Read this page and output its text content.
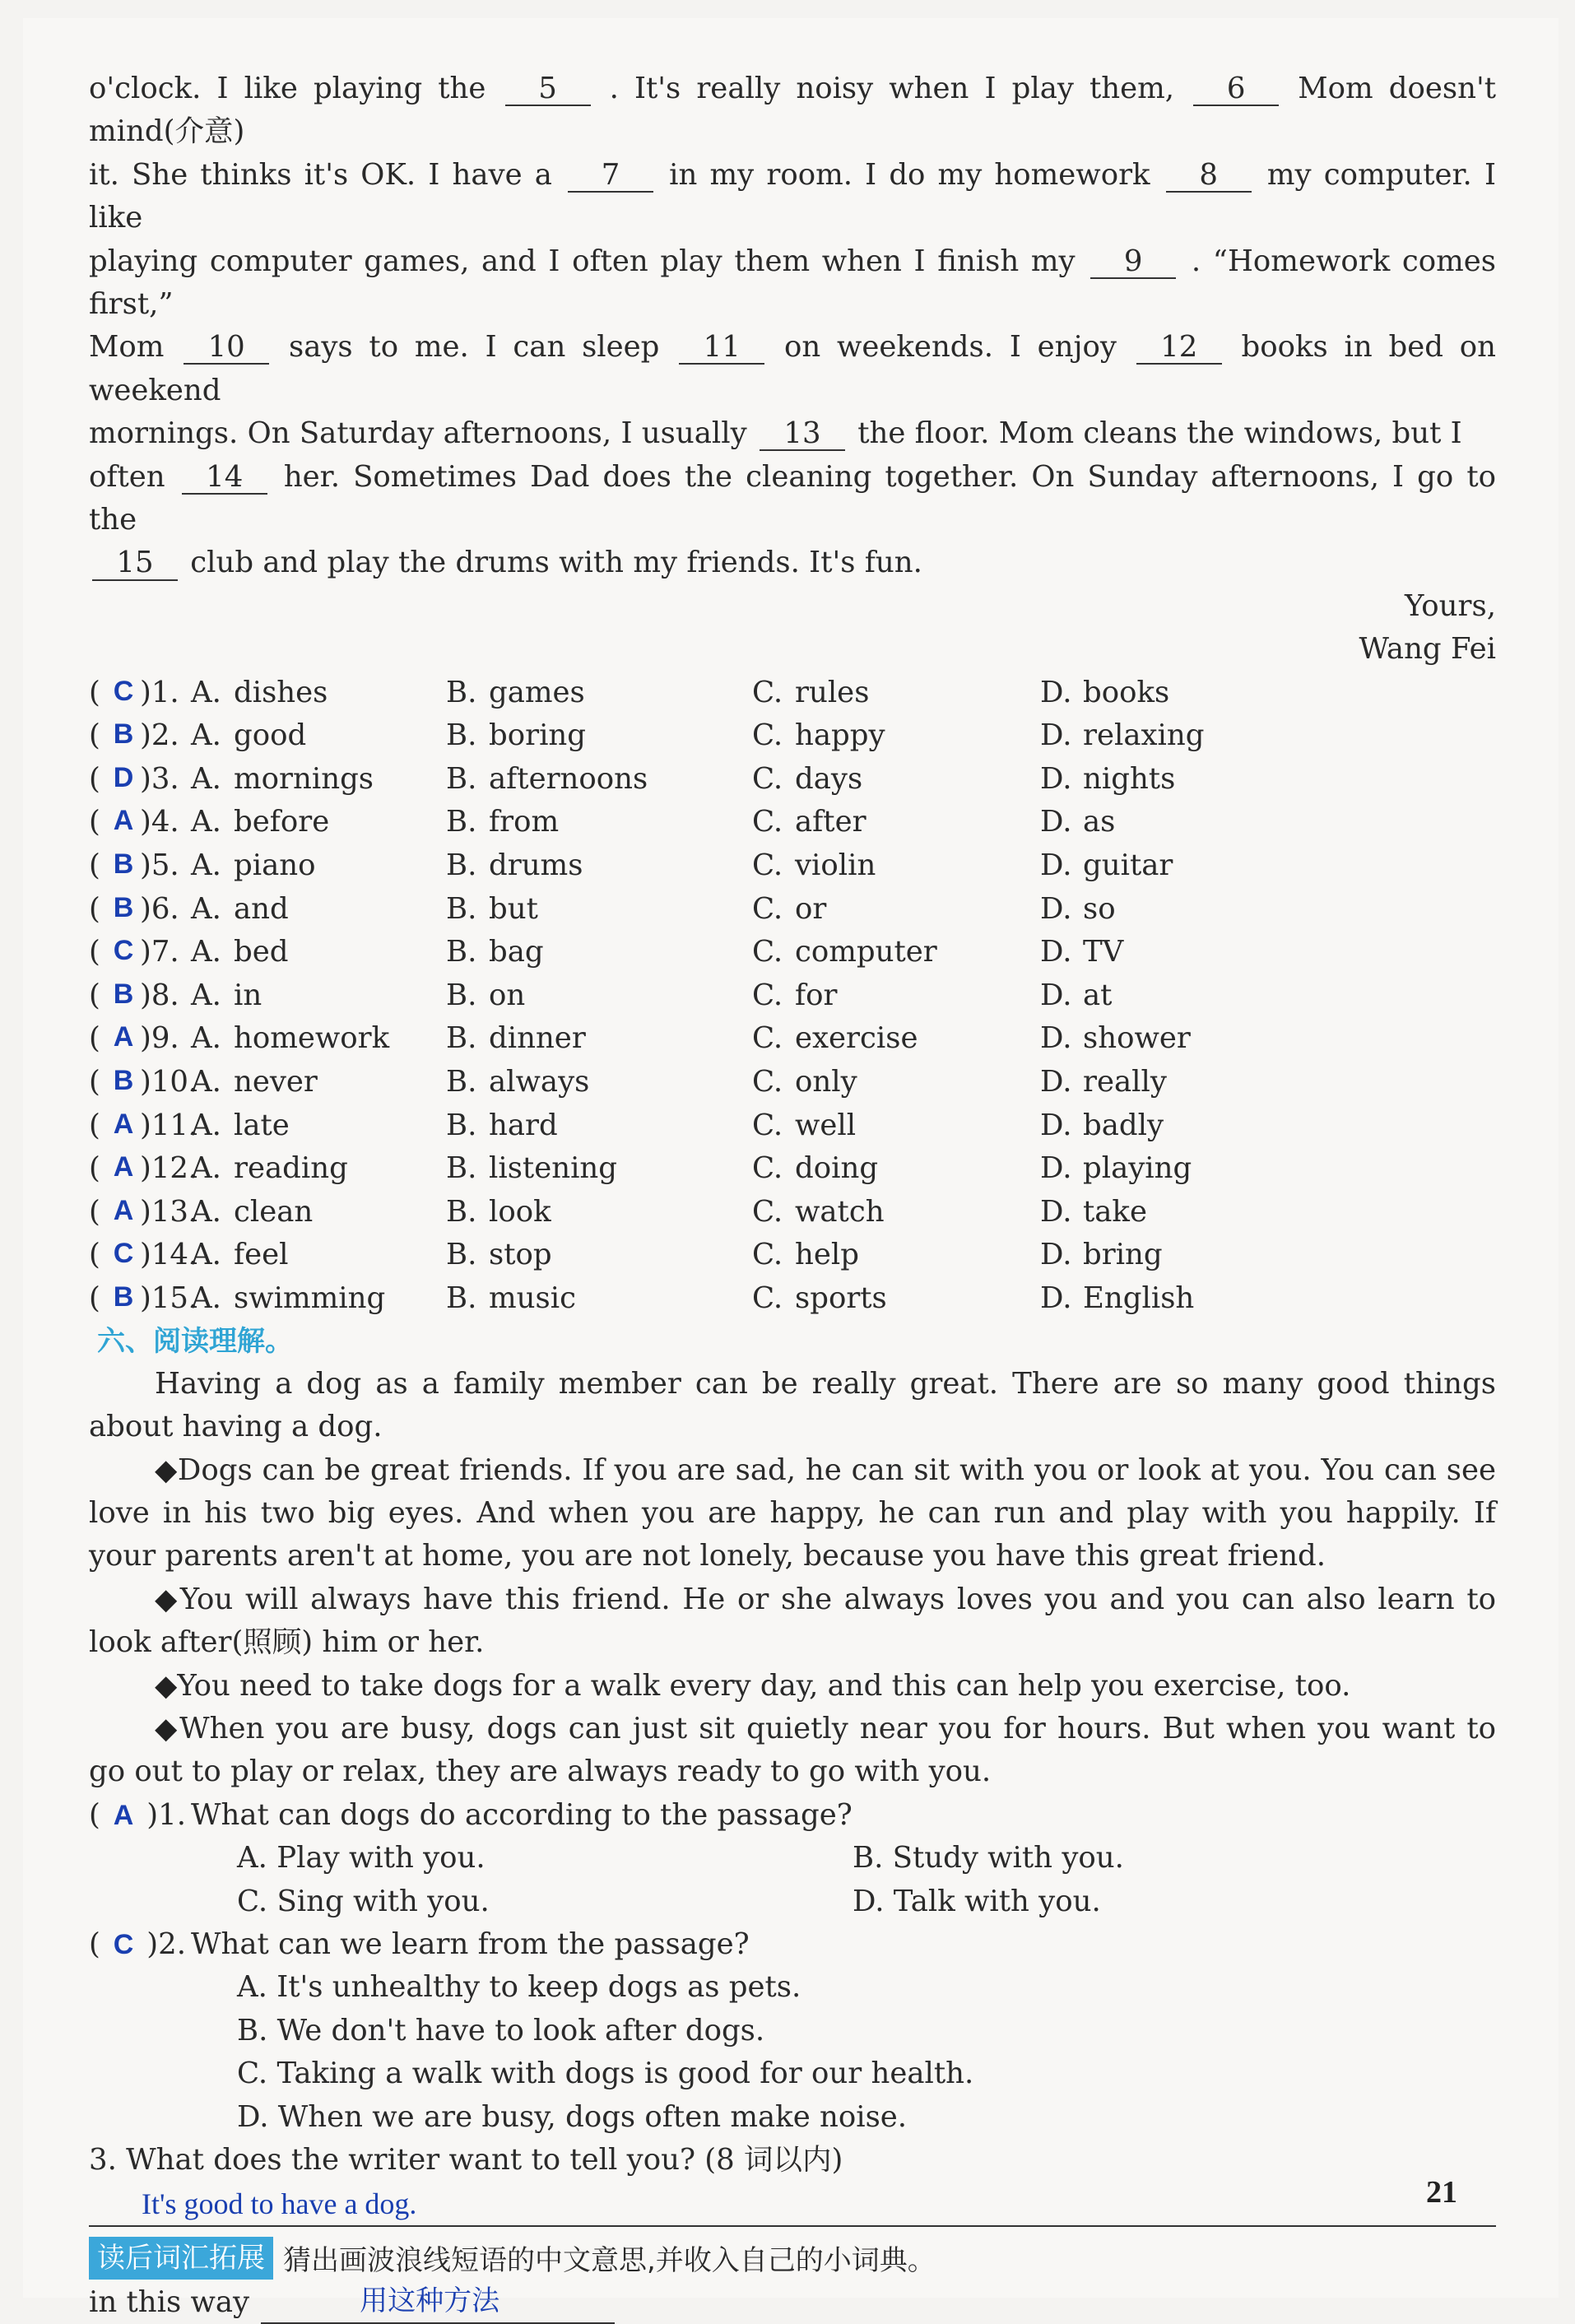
o'clock. I like playing the 5 . It's really noisy when I play them, 6 Mom doesn't mind(介意)

it. She thinks it's OK. I have a 7 in my room. I do my homework 8 my computer. I like

playing computer games, and I often play them when I finish my 9 . “Homework comes first,”

Mom 10 says to me. I can sleep 11 on weekends. I enjoy 12 books in bed on weekend

mornings. On Saturday afternoons, I usually 13 the floor. Mom cleans the windows, but I

often 14 her. Sometimes Dad does the cleaning together. On Sunday afternoons, I go to the

15 club and play the drums with my friends. It's fun.

Yours,

Wang Fei

( C )1. A. dishes	B. games	C. rules	D. books
( B )2. A. good	B. boring	C. happy	D. relaxing
( D )3. A. mornings B. afternoons	C. days	D. nights
( A )4. A. before	B. from	C. after	D. as
( B )5. A. piano	B. drums	C. violin	D. guitar
( B )6. A. and	B. but	C. or	D. so
( C )7. A. bed	B. bag	C. computer	D. TV
( B )8. A. in	B. on	C. for	D. at
( A )9. A. homework B. dinner	C. exercise	D. shower
( B )10.
A. never	B. always	C. only	D. really
( A )11.
A. late	B. hard	C. well	D. badly
( A )12.
A. reading	B. listening	C. doing	D. playing
( A )13.
A. clean	B. look	C. watch	D. take
( C )14.
A. feel	B. stop	C. help	D. bring
( B )15.
A. swimming B. music	C. sports	D. English
六、阅读理解。

Having a dog as a family member can be really great. There are so many good things about having a dog.

◆Dogs can be great friends. If you are sad, he can sit with you or look at you. You can see love in his two big eyes. And when you are happy, he can run and play with you happily. If your parents aren't at home, you are not lonely, because you have this great friend.

◆You will always have this friend. He or she always loves you and you can also learn to look after(照顾) him or her.

◆You need to take dogs for a walk every day, and this can help you exercise, too.

◆When you are busy, dogs can just sit quietly near you for hours. But when you want to go out to play or relax, they are always ready to go with you.

( A )1. What can dogs do according to the passage?
A. Play with you.	B. Study with you.
C. Sing with you.	D. Talk with you.
( C )2. What can we learn from the passage?
A. It's unhealthy to keep dogs as pets.
B. We don't have to look after dogs.
C. Taking a walk with dogs is good for our health.
D. When we are busy, dogs often make noise.
3. What does the writer want to tell you? (8 词以内)
It's good to have a dog.
读后词汇拓展 猜出画波浪线短语的中文意思,并收入自己的小词典。
in this way	用这种方法
21
